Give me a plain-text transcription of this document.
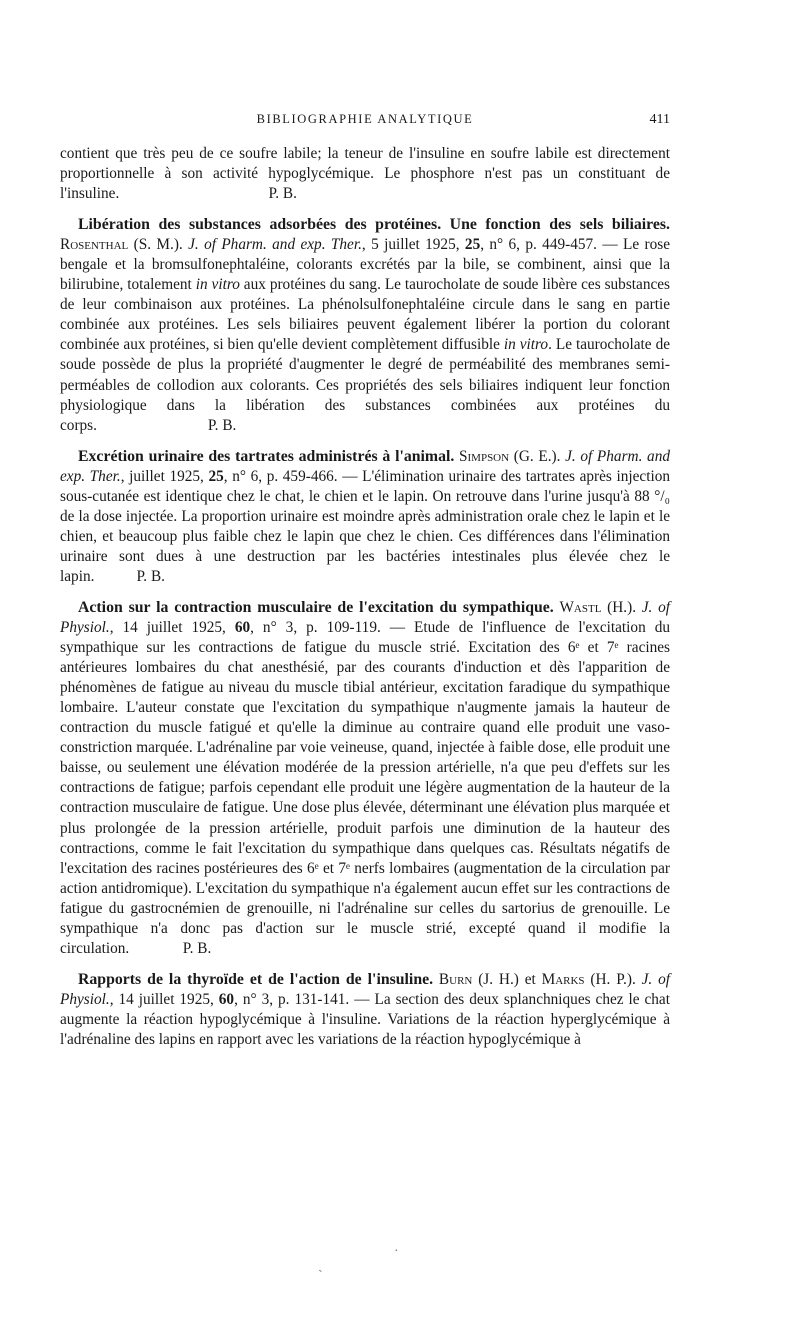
BIBLIOGRAPHIE ANALYTIQUE	411

contient que très peu de ce soufre labile; la teneur de l'insuline en soufre labile est directement proportionnelle à son activité hypoglycémique. Le phosphore n'est pas un constituant de l'insuline.	P. B.

Libération des substances adsorbées des protéines. Une fonction des sels biliaires. Rosenthal (S. M.). J. of Pharm. and exp. Ther., 5 juillet 1925, 25, n° 6, p. 449-457. — Le rose bengale et la bromsulfonephtaléine, colorants excrétés par la bile, se combinent, ainsi que la bilirubine, totalement in vitro aux protéines du sang. Le taurocholate de soude libère ces substances de leur combinaison aux protéines. La phénolsulfonephtaléine circule dans le sang en partie combinée aux protéines. Les sels biliaires peuvent également libérer la portion du colorant combinée aux protéines, si bien qu'elle devient complètement diffusible in vitro. Le taurocholate de soude possède de plus la propriété d'augmenter le degré de perméabilité des membranes semi-perméables de collodion aux colorants. Ces propriétés des sels biliaires indiquent leur fonction physiologique dans la libération des substances combinées aux protéines du corps.	P. B.

Excrétion urinaire des tartrates administrés à l'animal. Simpson (G. E.). J. of Pharm. and exp. Ther., juillet 1925, 25, n° 6, p. 459-466. — L'élimination urinaire des tartrates après injection sous-cutanée est identique chez le chat, le chien et le lapin. On retrouve dans l'urine jusqu'à 88 °/₀ de la dose injectée. La proportion urinaire est moindre après administration orale chez le lapin et le chien, et beaucoup plus faible chez le lapin que chez le chien. Ces différences dans l'élimination urinaire sont dues à une destruction par les bactéries intestinales plus élevée chez le lapin.	P. B.

Action sur la contraction musculaire de l'excitation du sympathique. Wastl (H.). J. of Physiol., 14 juillet 1925, 60, n° 3, p. 109-119. — Etude de l'influence de l'excitation du sympathique sur les contractions de fatigue du muscle strié. Excitation des 6ᵉ et 7ᵉ racines antérieures lombaires du chat anesthésié, par des courants d'induction et dès l'apparition de phénomènes de fatigue au niveau du muscle tibial antérieur, excitation faradique du sympathique lombaire. L'auteur constate que l'excitation du sympathique n'augmente jamais la hauteur de contraction du muscle fatigué et qu'elle la diminue au contraire quand elle produit une vaso-constriction marquée. L'adrénaline par voie veineuse, quand, injectée à faible dose, elle produit une baisse, ou seulement une élévation modérée de la pression artérielle, n'a que peu d'effets sur les contractions de fatigue; parfois cependant elle produit une légère augmentation de la hauteur de la contraction musculaire de fatigue. Une dose plus élevée, déterminant une élévation plus marquée et plus prolongée de la pression artérielle, produit parfois une diminution de la hauteur des contractions, comme le fait l'excitation du sympathique dans quelques cas. Résultats négatifs de l'excitation des racines postérieures des 6ᵉ et 7ᵉ nerfs lombaires (augmentation de la circulation par action antidromique). L'excitation du sympathique n'a également aucun effet sur les contractions de fatigue du gastrocnémien de grenouille, ni l'adrénaline sur celles du sartorius de grenouille. Le sympathique n'a donc pas d'action sur le muscle strié, excepté quand il modifie la circulation.	P. B.

Rapports de la thyroïde et de l'action de l'insuline. Burn (J. H.) et Marks (H. P.). J. of Physiol., 14 juillet 1925, 60, n° 3, p. 131-141. — La section des deux splanchniques chez le chat augmente la réaction hypoglycémique à l'insuline. Variations de la réaction hyperglycémique à l'adrénaline des lapins en rapport avec les variations de la réaction hypoglycémique à

ˎ
·
